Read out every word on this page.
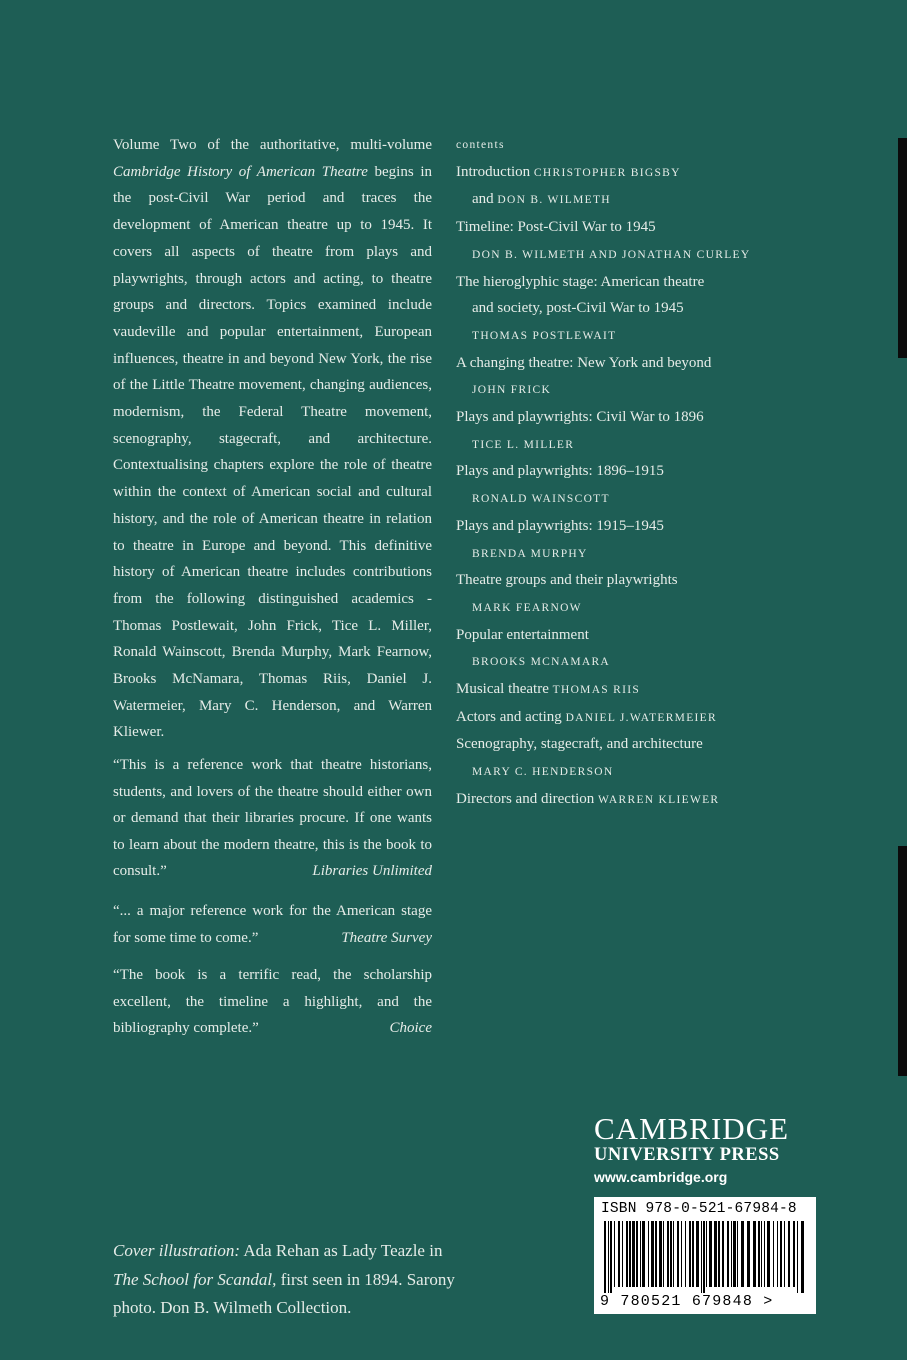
Volume Two of the authoritative, multi-volume Cambridge History of American Theatre begins in the post-Civil War period and traces the development of American theatre up to 1945. It covers all aspects of theatre from plays and playwrights, through actors and acting, to theatre groups and directors. Topics examined include vaudeville and popular entertainment, European influences, theatre in and beyond New York, the rise of the Little Theatre movement, changing audiences, modernism, the Federal Theatre movement, scenography, stagecraft, and architecture. Contextualising chapters explore the role of theatre within the context of American social and cultural history, and the role of American theatre in relation to theatre in Europe and beyond. This definitive history of American theatre includes contributions from the following distinguished academics - Thomas Postlewait, John Frick, Tice L. Miller, Ronald Wainscott, Brenda Murphy, Mark Fearnow, Brooks McNamara, Thomas Riis, Daniel J. Watermeier, Mary C. Henderson, and Warren Kliewer.

“This is a reference work that theatre historians, students, and lovers of the theatre should either own or demand that their libraries procure. If one wants to learn about the modern theatre, this is the book to consult.”	Libraries Unlimited

“... a major reference work for the American stage for some time to come.”	Theatre Survey

“The book is a terrific read, the scholarship excellent, the timeline a highlight, and the bibliography complete.”	Choice

contents

Introduction CHRISTOPHER BIGSBY
and DON B. WILMETH
Timeline: Post-Civil War to 1945
DON B. WILMETH AND JONATHAN CURLEY
The hieroglyphic stage: American theatre
and society, post-Civil War to 1945
THOMAS POSTLEWAIT
A changing theatre: New York and beyond
JOHN FRICK
Plays and playwrights: Civil War to 1896
TICE L. MILLER
Plays and playwrights: 1896–1915
RONALD WAINSCOTT
Plays and playwrights: 1915–1945
BRENDA MURPHY
Theatre groups and their playwrights
MARK FEARNOW
Popular entertainment
BROOKS MCNAMARA
Musical theatre THOMAS RIIS
Actors and acting DANIEL J.WATERMEIER
Scenography, stagecraft, and architecture
MARY C. HENDERSON
Directors and direction WARREN KLIEWER

Cover illustration: Ada Rehan as Lady Teazle in
The School for Scandal, first seen in 1894. Sarony photo. Don B. Wilmeth Collection.

CAMBRIDGE
UNIVERSITY PRESS
www.cambridge.org
ISBN 978-0-521-67984-8
9 780521 679848 >
